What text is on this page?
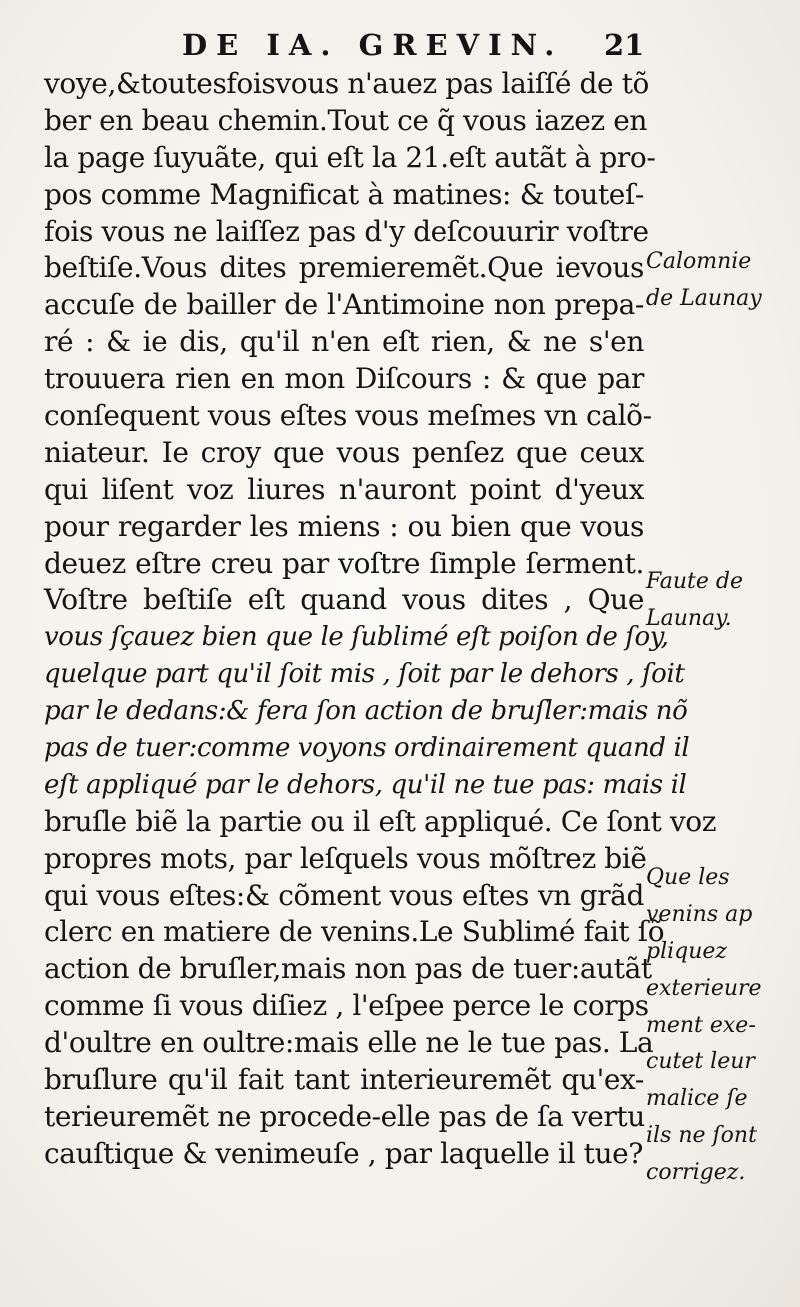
DE IA. GREVIN. 21
voye,&toutesfoisvous n'auez pas laiſſé de tõ
ber en beau chemin.Tout ce q̃ vous iazez en
la page ſuyuãte, qui eſt la 21.eſt autãt à pro-
pos comme Magnificat à matines: & touteſ-
fois vous ne laiſſez pas d'y deſcouurir voſtre
beſtiſe.Vous dites premieremẽt.Que ievous
accuſe de bailler de l'Antimoine non prepa-
ré : & ie dis, qu'il n'en eſt rien, & ne s'en
trouuera rien en mon Diſcours : & que par
conſequent vous eſtes vous meſmes vn calõ-
niateur. Ie croy que vous penſez que ceux
qui liſent voz liures n'auront point d'yeux
pour regarder les miens : ou bien que vous
deuez eſtre creu par voſtre ſimple ſerment.
Voſtre beſtiſe eſt quand vous dites , Que
vous ſçauez bien que le ſublimé eſt poiſon de ſoy,
quelque part qu'il ſoit mis , ſoit par le dehors , ſoit
par le dedans:& fera ſon action de bruſler:mais nõ
pas de tuer:comme voyons ordinairement quand il
eſt appliqué par le dehors, qu'il ne tue pas: mais il
bruſle biẽ la partie ou il eſt appliqué. Ce ſont voz
propres mots, par leſquels vous mõſtrez biẽ
qui vous eſtes:& cõment vous eſtes vn grãd
clerc en matiere de venins.Le Sublimé fait ſõ
action de bruſler,mais non pas de tuer:autãt
comme ſi vous diſiez , l'eſpee perce le corps
d'oultre en oultre:mais elle ne le tue pas. La
bruſlure qu'il fait tant interieuremẽt qu'ex-
terieuremẽt ne procede-elle pas de ſa vertu
cauſtique & venimeuſe , par laquelle il tue?
Calomnie
de Launay
Faute de
Launay.
Que les
venins ap
pliquez
exterieure
ment exe-
cutet leur
malice ſe
ils ne ſont
corrigez.
